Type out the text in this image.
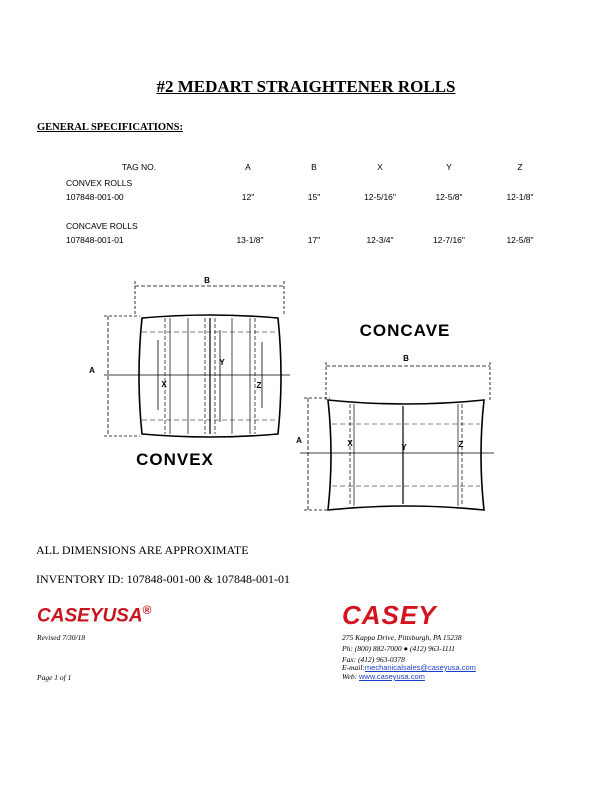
#2 MEDART STRAIGHTENER ROLLS
GENERAL SPECIFICATIONS:
TAG NO.	A	B	X	Y	Z
CONVEX ROLLS
107848-001-00	12"	15"	12-5/16"	12-5/8"	12-1/8"
CONCAVE ROLLS
107848-001-01	13-1/8"	17"	12-3/4"	12-7/16"	12-5/8"
B
A
Y
X	Z
CONVEX
CONCAVE
B
A	X	Y	Z
ALL DIMENSIONS ARE APPROXIMATE
INVENTORY ID: 107848-001-00 & 107848-001-01
CASEYUSA®
Revised 7/30/18
Page 1 of 1
CASEY
275 Kappa Drive, Pittsburgh, PA 15238
Ph: (800) 882-7000 ● (412) 963-1111
Fax: (412) 963-0378
E-mail:mechanicalsales@caseyusa.com
Web: www.caseyusa.com
